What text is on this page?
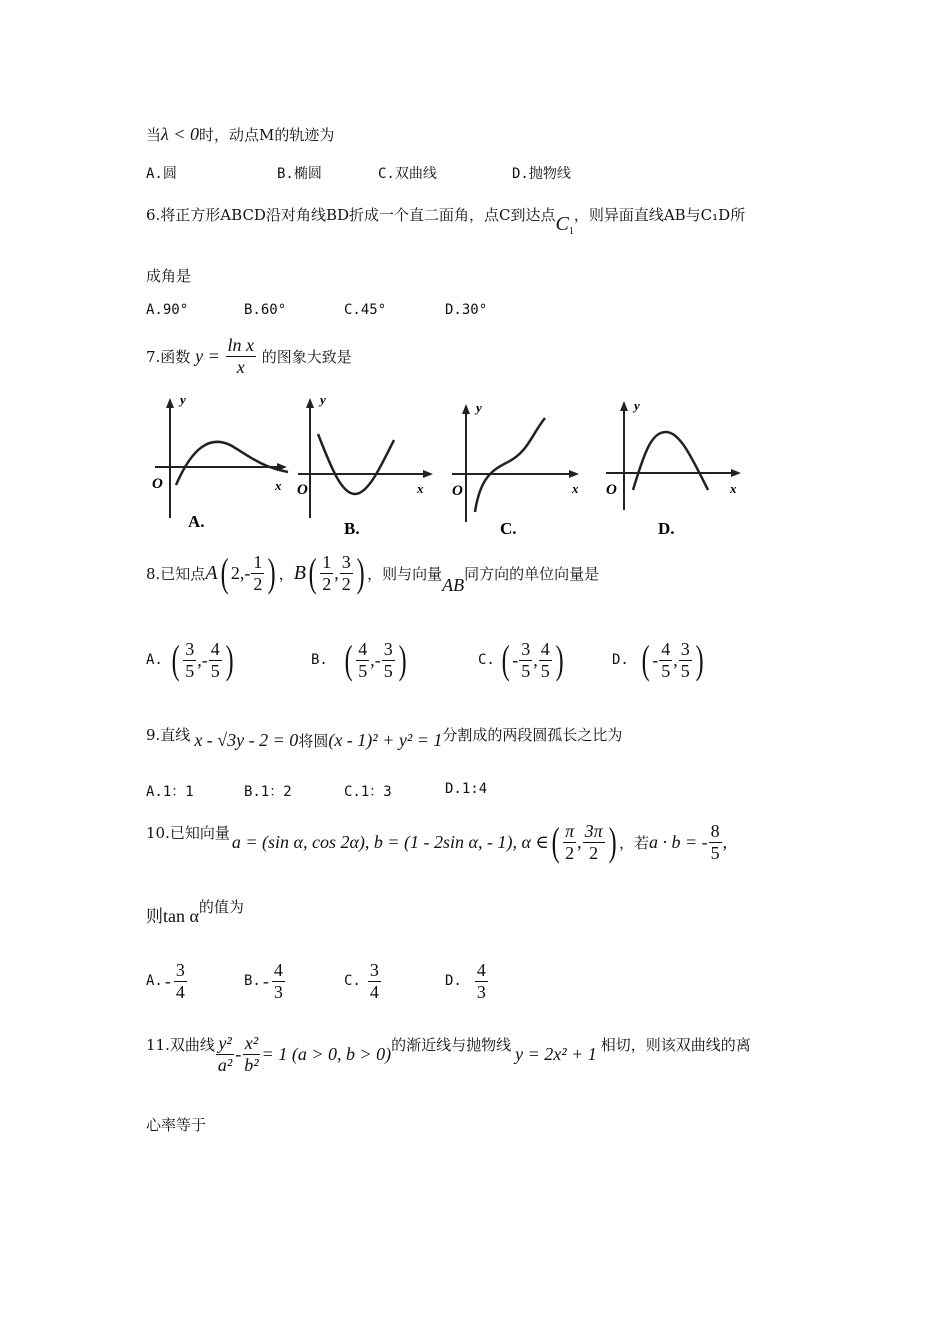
当λ < 0时，动点M的轨迹为
A.圆	B.椭圆	C.双曲线	D.抛物线
6.将正方形ABCD沿对角线BD折成一个直二面角，点C到达点$C_1$，则异面直线AB与C₁D所
成角是
A.90°	B.60°	C.45°	D.30°
7.函数 $y = \frac{\text{ln x}}{x}$ 的图象大致是
y
O	x
A.
y
O	x
B.
y
O	x
C.
y
O	x
D.
8.已知点 A ( 2, - $\frac{1}{2}$ ) ， B ( $\frac{1}{2}$ , $\frac{3}{2}$ ) ，则与向量
AB
同方向的单位向量是
A. ( $\frac{3}{5}$ , - $\frac{4}{5}$ )	B. ( $\frac{4}{5}$ , - $\frac{3}{5}$ )	C. ( - $\frac{3}{5}$ , $\frac{4}{5}$ )	D. ( - $\frac{4}{5}$ , $\frac{3}{5}$ )
9.直线 x - √3y - 2 = 0将圆(x - 1)² + y² = 1分割成的两段圆孤长之比为
A.1：1	B.1：2	C.1：3	D.1:4
10.已知向量 a = (sin α, cos 2α), b = (1 - 2sin α, - 1), α ∈ ( $\frac{\pi}{2}$ , $\frac{3\pi}{2}$ ) ，若 a · b = - $\frac{8}{5}$ ,
则tan α的值为
A. - $\frac{3}{4}$	B. - $\frac{4}{3}$	C. $\frac{3}{4}$	D. $\frac{4}{3}$
11.双曲线 $\frac{\text{y²}}{\text{a²}} - \frac{\text{x²}}{\text{b²}} = 1$ (a > 0, b > 0) 的渐近线与抛物线 y = 2x² + 1 相切，则该双曲线的离
心率等于
